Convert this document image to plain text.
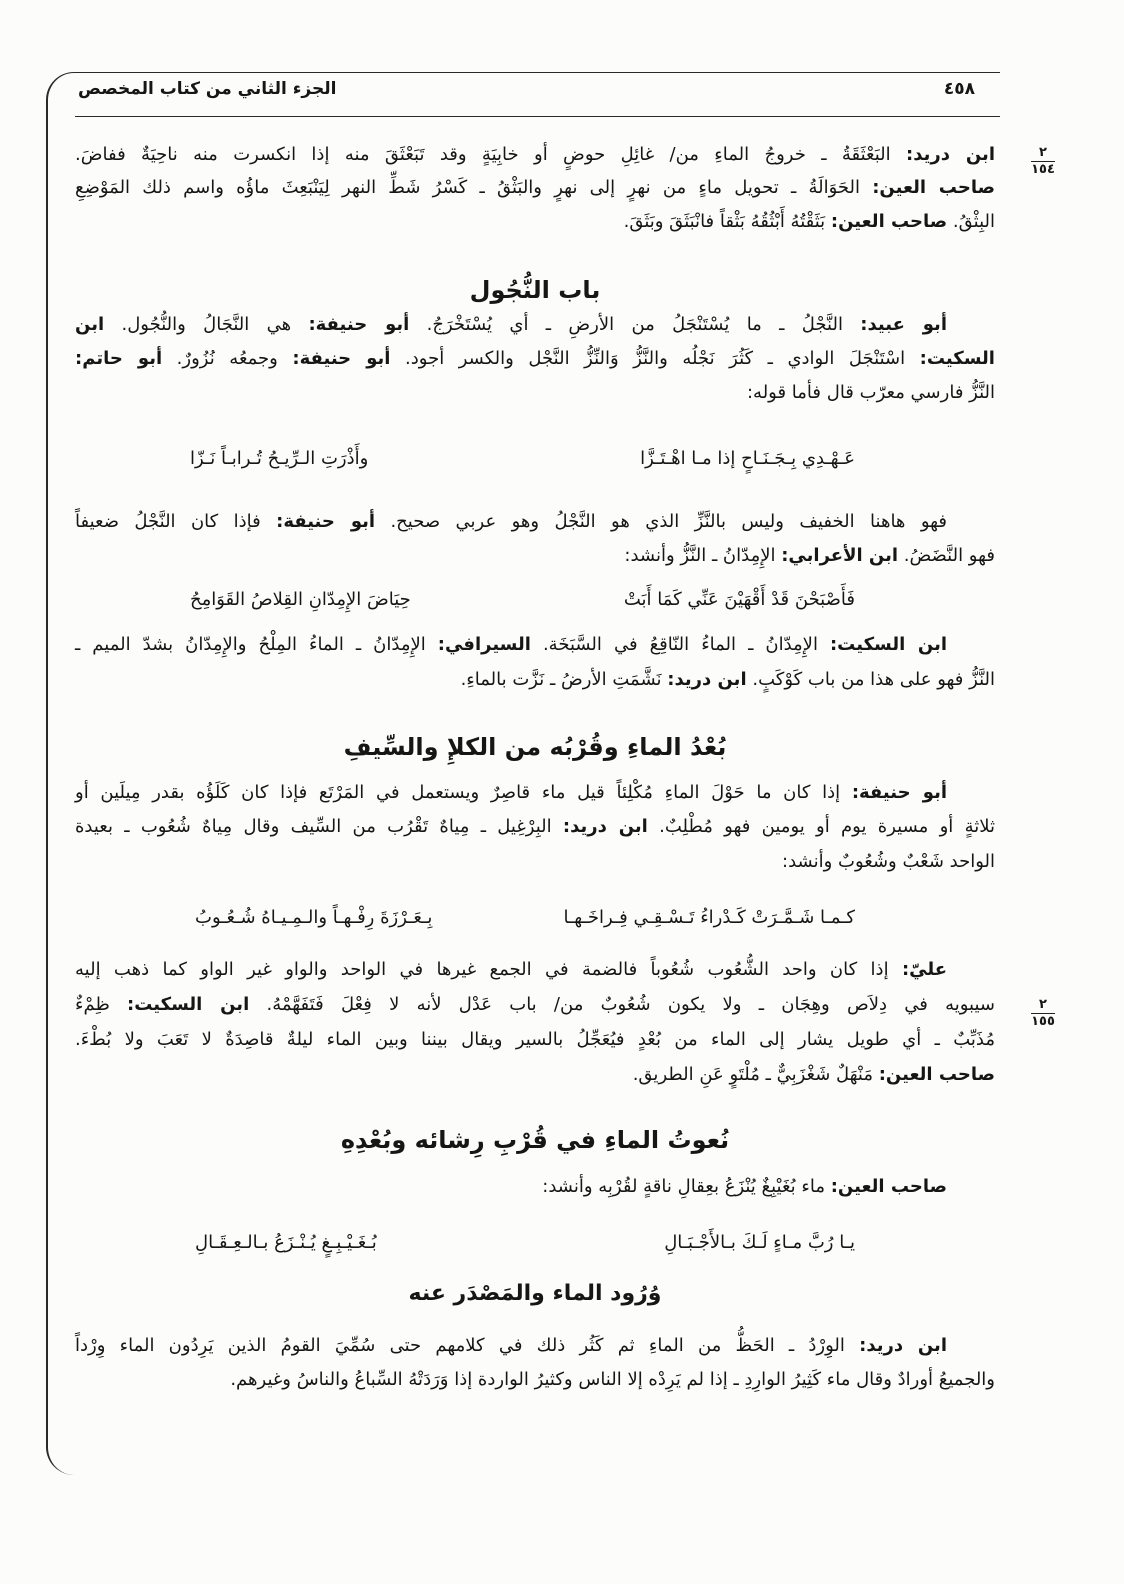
الجزء الثاني من كتاب المخصص	٤٥٨
٢
١٥٤
٢
١٥٥
ابن دريد: البَعْثَقَةُ ـ خروجُ الماءِ من/ غائِلِ حوضٍ أو خابِيَةٍ وقد تَبَعْثَقَ منه إذا انكسرت منه ناحِيَةٌ ففاضَ.
صاحب العين: الحَوَالَةُ ـ تحويل ماءٍ من نهرٍ إلى نهرٍ والبَثْقُ ـ كَسْرُ شَطِّ النهر لِيَنْبَعِثَ ماؤُه واسم ذلك المَوْضِعِ
البِثْقُ. صاحب العين: بَثَقْتُهُ أَبْثُقُهُ بَثْقاً فانْبَثَقَ وبَثَقَ.
باب النُّجُول
أبو عبيد: النَّجْلُ ـ ما يُسْتَنْجَلُ من الأرضِ ـ أي يُسْتَخْرَجُ. أبو حنيفة: هي النَّجَالُ والنُّجُول. ابن
السكيت: اسْتَنْجَلَ الوادي ـ كَثُرَ نَجْلُه والنَّزُّ وَالنِّزُّ النَّجْل والكسر أجود. أبو حنيفة: وجمعُه نُزُورٌ. أبو حاتم:
النَّزُّ فارسي معرّب قال فأما قوله:
عَـهْـدِي بِـجَـنَـاحٍ إذا مـا اهْـتَـزَّا
وأَذْرَتِ الـرِّيـحُ تُـرابـاً نَـزّا
فهو هاهنا الخفيف وليس بالنَّزِّ الذي هو النَّجْلُ وهو عربي صحيح. أبو حنيفة: فإذا كان النَّجْلُ ضعيفاً
فهو النَّضَضُ. ابن الأعرابي: الإِمِدّانُ ـ النَّزُّ وأنشد:
فَأَصْبَحْنَ قَدْ أَقْهَيْنَ عَنِّي كَمَا أَبَتْ
حِيَاضَ الإِمِدّانِ القِلاصُ القَوَامِحُ
ابن السكيت: الإِمِدّانُ ـ الماءُ النّاقِعُ في السَّبَخَة. السيرافي: الإِمِدّانُ ـ الماءُ المِلْحُ والإِمِدّانُ بشدّ الميم ـ
النَّزُّ فهو على هذا من باب كَوْكَبٍ. ابن دريد: نَشَّمَتِ الأرضُ ـ نَزَّت بالماءِ.
بُعْدُ الماءِ وقُرْبُه من الكلإِ والسِّيفِ
أبو حنيفة: إذا كان ما حَوْلَ الماءِ مُكْلِئاً قيل ماء قاصِرٌ ويستعمل في المَرْتَع فإذا كان كَلَؤُه بقدر مِيلَين أو
ثلاثةٍ أو مسيرة يوم أو يومين فهو مُطْلِبٌ. ابن دريد: البِرْغِيل ـ مِياهٌ تَقْرُب من السِّيف وقال مِياهٌ شُعُوب ـ بعيدة
الواحد شَعْبٌ وشُعُوبٌ وأنشد:
كـمـا شَـمَّـرَتْ كَـدْراءُ تَـسْـقِـي فِـراخَـهـا
بِـعَـرْزَةَ رِفْـهـاً والـمِـيـاهُ شُـعُـوبُ
عليّ: إذا كان واحد الشُّعُوب شُعُوباً فالضمة في الجمع غيرها في الواحد والواو غير الواو كما ذهب إليه
سيبويه في دِلاَص وهِجَان ـ ولا يكون شُعُوبٌ من/ باب عَدْل لأنه لا فِعْلَ فَتَفَهَّمْهُ. ابن السكيت: ظِمْءٌ
مُذَبِّبٌ ـ أي طويل يشار إلى الماء من بُعْدٍ فيُعَجِّلُ بالسير ويقال بيننا وبين الماء ليلةٌ قاصِدَةٌ لا تَعَبَ ولا بُطْءَ.
صاحب العين: مَنْهَلٌ شَغْزَبِيٌّ ـ مُلْتَوٍ عَنِ الطريق.
نُعوتُ الماءِ في قُرْبِ رِشائه وبُعْدِهِ
صاحب العين: ماء بُغَيْبِغٌ يُنْزَعُ بعِقالِ ناقةٍ لقُرْبِه وأنشد:
يـا رُبَّ مـاءٍ لَـكَ بـالأَجْـبَـالِ
بُـغَـيْـبِـغٍ يُـنْـزَعُ بـالـعِـقَـالِ
وُرُود الماء والمَصْدَر عنه
ابن دريد: الوِرْدُ ـ الحَظُّ من الماءِ ثم كَثُر ذلك في كلامهم حتى سُمِّيَ القومُ الذين يَرِدُون الماء وِرْداً
والجميعُ أورادٌ وقال ماء كَثِيرُ الوارِدِ ـ إذا لم يَرِدْه إلا الناس وكثيرُ الواردة إذا وَرَدَتْهُ السِّباعُ والناسُ وغيرهم.
